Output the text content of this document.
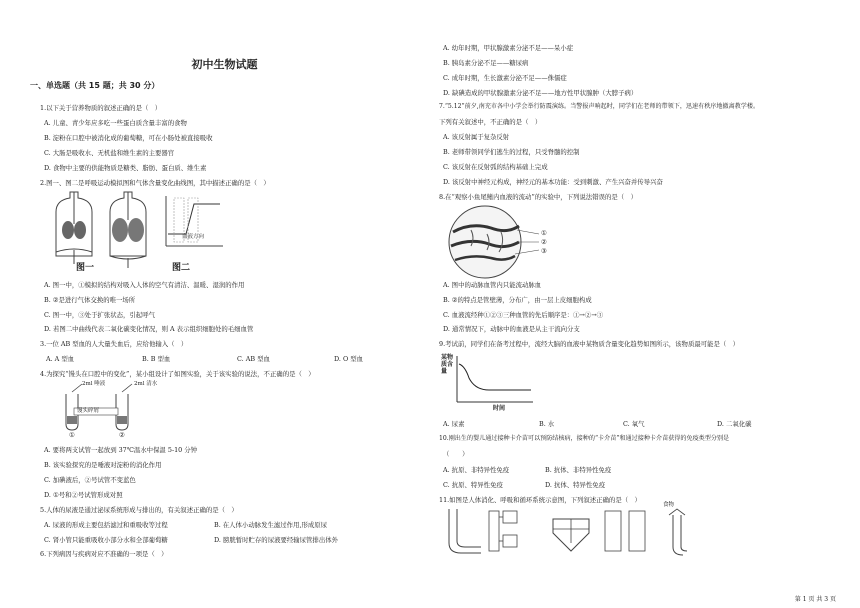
初中生物试题
一、单选题（共 15 题；共 30 分）
1.以下关于营养物质的叙述正确的是（　）
A. 儿童、青少年应多吃一些蛋白质含量丰富的食物
B. 淀粉在口腔中被消化成的葡萄糖，可在小肠处被直接吸收
C. 大肠是吸收水、无机盐和维生素的主要器官
D. 食物中主要的供能物质是糖类、脂肪、蛋白质、维生素
2.图一、图二是呼吸运动模拟图和气体含量变化曲线图，其中描述正确的是（　）
血液方向
图一	图二
A. 图一中，①模拟的结构对吸入人体的空气有清洁、温暖、湿润的作用
B. ②是进行气体交换的唯一场所
C. 图一中，③处于扩张状态，引起呼气
D. 若图二中曲线代表二氧化碳变化情况，则 A 表示组织细胞处的毛细血管
3.一位 AB 型血的人大量失血后，应给他输入（　）
A. A 型血	B. B 型血	C. AB 型血	D. O 型血
4.为探究“馒头在口腔中的变化”，某小组设计了如图实验，关于该实验的说法，不正确的是（　）
2ml 唾液	2ml 清水
馒头碎屑
①	②
A. 要将两支试管一起放到 37℃温水中保温 5-10 分钟
B. 该实验探究的是唾液对淀粉的消化作用
C. 加碘液后，②号试管不变蓝色
D. ①号和②号试管形成对照
5.人体的尿液是通过泌尿系统形成与排出的，有关叙述正确的是（　）
A. 尿液的形成主要包括滤过和重吸收等过程	B. 在人体小动脉发生滤过作用,形成原尿
C. 肾小管只能重吸收小部分水和全部葡萄糖	D. 膀胱暂时贮存的尿液要经输尿管排出体外
6.下列病因与疾病对应不准确的一项是（　）
A. 幼年时期，甲状腺激素分泌不足——呆小症
B. 胰岛素分泌不足——糖尿病
C. 成年时期，生长激素分泌不足——侏儒症
D. 缺碘造成的甲状腺激素分泌不足——地方性甲状腺肿（大脖子病）
7.“5.12”前夕,南充市各中小学会举行防震演练。当警报声响起时，同学们在老师的带领下，迅速有秩序地撤离教学楼。
下列有关叙述中，不正确的是（　）
A. 该反射属于复杂反射
B. 老师带领同学们逃生的过程，只受脊髓的控制
C. 该反射在反射弧的结构基础上完成
D. 该反射中神经元构成，神经元的基本功能：受到刺激、产生兴奋并传导兴奋
8.在“观察小鱼尾鳍内血液的流动”的实验中，下列说法错误的是（　）
①
②
③
A. 图中的动脉血管内只能流动脉血
B. ②的特点是管壁薄，分布广，由一层上皮细胞构成
C. 血液流经种①②③三种血管的先后顺序是：①→②→③
D. 通常情况下，动脉中的血液是从主干流向分支
9.考试前，同学们在备考过程中，流经大脑的血液中某物质含量变化趋势如图所示，该物质最可能是（　）
某物质含量
时间
A. 尿素	B. 水	C. 氧气	D. 二氧化碳
10.刚出生的婴儿通过接种卡介苗可以预防结核病，接种的“卡介苗”和通过接种卡介苗获得的免疫类型分别是
（　　）
A. 抗原、非特异性免疫	B. 抗体、非特异性免疫
C. 抗原、特异性免疫	D. 抗体、特异性免疫
11.如图是人体消化、呼吸和循环系统示意图，下列叙述正确的是（　）
食物
第 1 页 共 3 页
